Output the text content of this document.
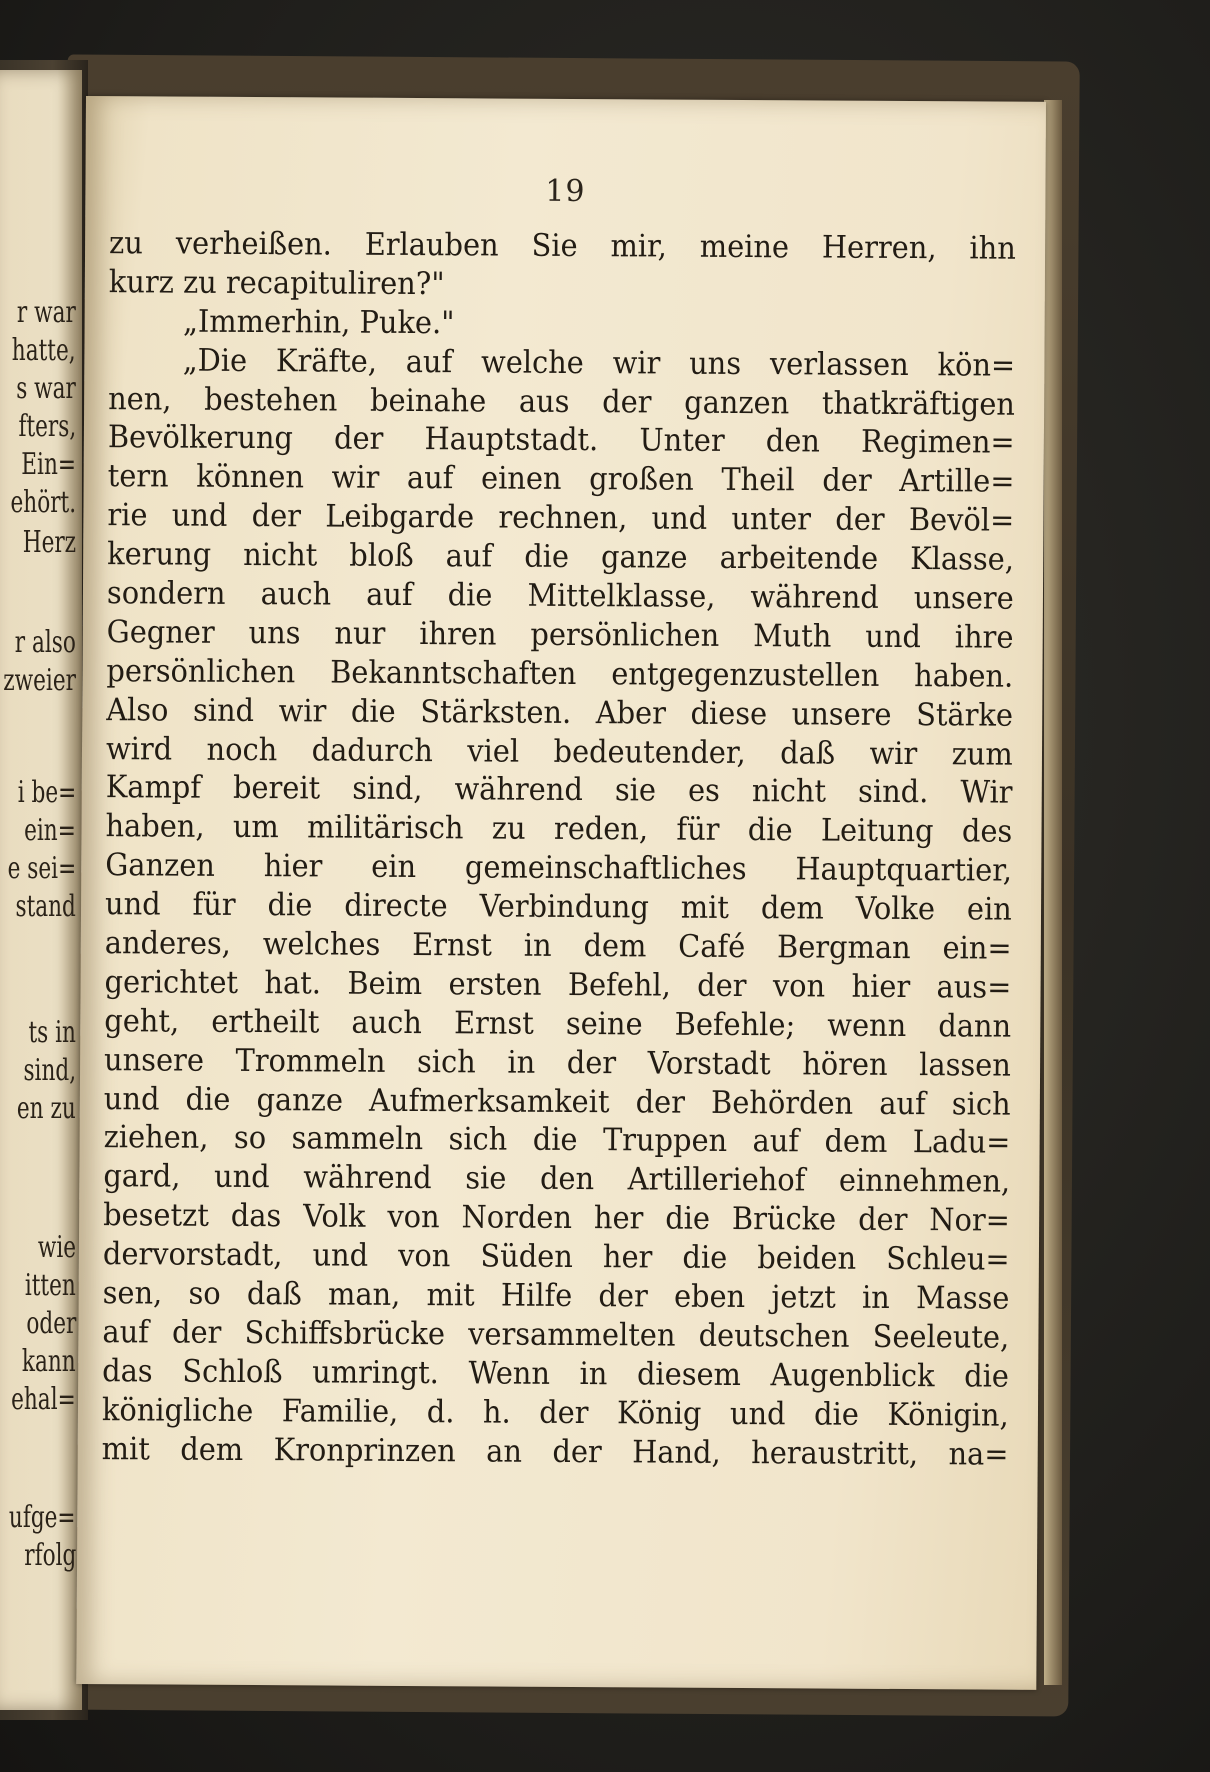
r war
hatte,
s war
fters,
Ein=
ehört.
Herz
r also
zweier
i be=
ein=
e sei=
stand
ts in
sind,
en zu
wie
itten
oder
kann
ehal=
ufge=
rfolg
19
zu verheißen. Erlauben Sie mir, meine Herren, ihn
kurz zu recapituliren?"
„Immerhin, Puke."
„Die Kräfte, auf welche wir uns verlassen kön=
nen, bestehen beinahe aus der ganzen thatkräftigen
Bevölkerung der Hauptstadt. Unter den Regimen=
tern können wir auf einen großen Theil der Artille=
rie und der Leibgarde rechnen, und unter der Bevöl=
kerung nicht bloß auf die ganze arbeitende Klasse,
sondern auch auf die Mittelklasse, während unsere
Gegner uns nur ihren persönlichen Muth und ihre
persönlichen Bekanntschaften entgegenzustellen haben.
Also sind wir die Stärksten. Aber diese unsere Stärke
wird noch dadurch viel bedeutender, daß wir zum
Kampf bereit sind, während sie es nicht sind. Wir
haben, um militärisch zu reden, für die Leitung des
Ganzen hier ein gemeinschaftliches Hauptquartier,
und für die directe Verbindung mit dem Volke ein
anderes, welches Ernst in dem Café Bergman ein=
gerichtet hat. Beim ersten Befehl, der von hier aus=
geht, ertheilt auch Ernst seine Befehle; wenn dann
unsere Trommeln sich in der Vorstadt hören lassen
und die ganze Aufmerksamkeit der Behörden auf sich
ziehen, so sammeln sich die Truppen auf dem Ladu=
gard, und während sie den Artilleriehof einnehmen,
besetzt das Volk von Norden her die Brücke der Nor=
dervorstadt, und von Süden her die beiden Schleu=
sen, so daß man, mit Hilfe der eben jetzt in Masse
auf der Schiffsbrücke versammelten deutschen Seeleute,
das Schloß umringt. Wenn in diesem Augenblick die
königliche Familie, d. h. der König und die Königin,
mit dem Kronprinzen an der Hand, heraustritt, na=
